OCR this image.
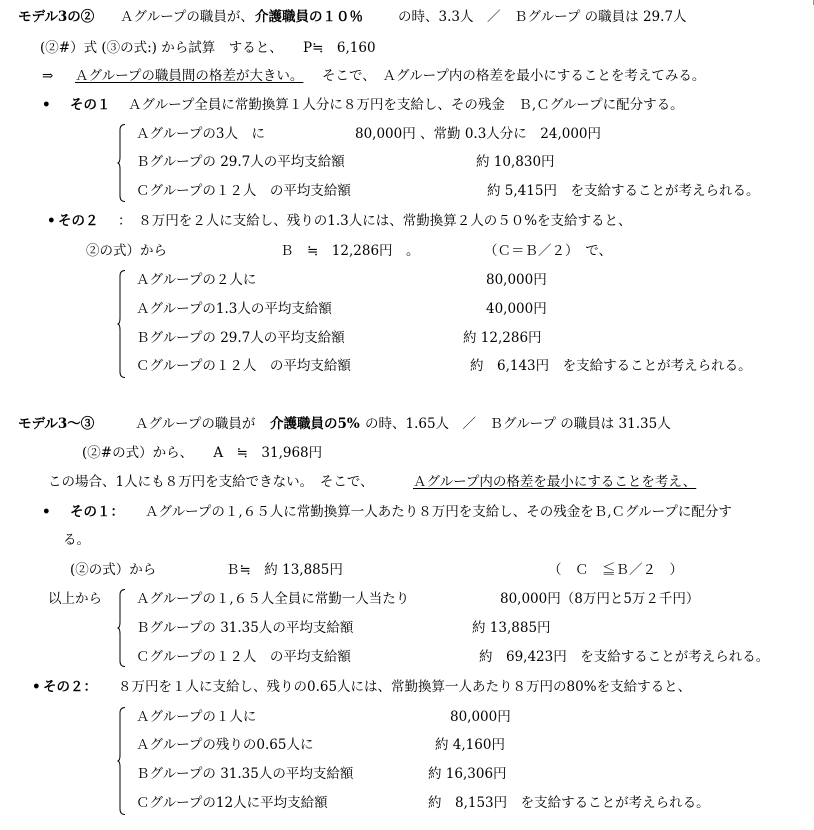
モデル3の② Ａグループの職員が、 介護職員の１０％	の時、3.3人　／　Ｂグループ の職員は 29.7人
(②#）式 (③の式:) から試算　すると、　　P≒　6,160
⇒ Ａグループの職員間の格差が大きい。 そこで、　Ａグループ内の格差を最小にすることを考えてみる。
• その１ Ａグループ全員に常勤換算１人分に８万円を支給し、その残金　Ｂ,Ｃグループに配分する。
Ａグループの3人　に	80,000円 、常勤 0.3人分に　24,000円
Ｂグループの 29.7人の平均支給額	約 10,830円
Ｃグループの１２人　の平均支給額	約 5,415円　を支給することが考えられる。
• その２ ：　８万円を２人に支給し、残りの1.3人には、常勤換算２人の５０%を支給すると、
②の式）から	Ｂ　≒　12,286円　。	（Ｃ＝Ｂ／２）　で、
Ａグループの２人に	80,000円
Ａグループの1.3人の平均支給額	40,000円
Ｂグループの 29.7人の平均支給額	約 12,286円
Ｃグループの１２人　の平均支給額	約　6,143円　を支給することが考えられる。
モデル3～③	Ａグループの職員が 介護職員の5% の時、1.65人　／　Ｂグループ の職員は 31.35人
(②#の式）から、　　A　≒　31,968円
この場合、1人にも８万円を支給できない。　そこで、	Ａグループ内の格差を最小にすることを考え、
• その１： Ａグループの１,６５人に常勤換算一人あたり８万円を支給し、その残金をＢ,Ｃグループに配分す
る。
(②の式）から	Ｂ≒　約 13,885円	（　Ｃ　≦Ｂ／２　）
以上から	Ａグループの１,６５人全員に常勤一人当たり	80,000円（8万円と5万２千円）
Ｂグループの 31.35人の平均支給額	約 13,885円
Ｃグループの１２人　の平均支給額	約　69,423円　を支給することが考えられる。
• その２： ８万円を１人に支給し、残りの0.65人には、常勤換算一人あたり８万円の80%を支給すると、
Ａグループの１人に	80,000円
Ａグループの残りの0.65人に	約 4,160円
Ｂグループの 31.35人の平均支給額	約 16,306円
Ｃグループの12人に平均支給額	約　8,153円　を支給することが考えられる。
